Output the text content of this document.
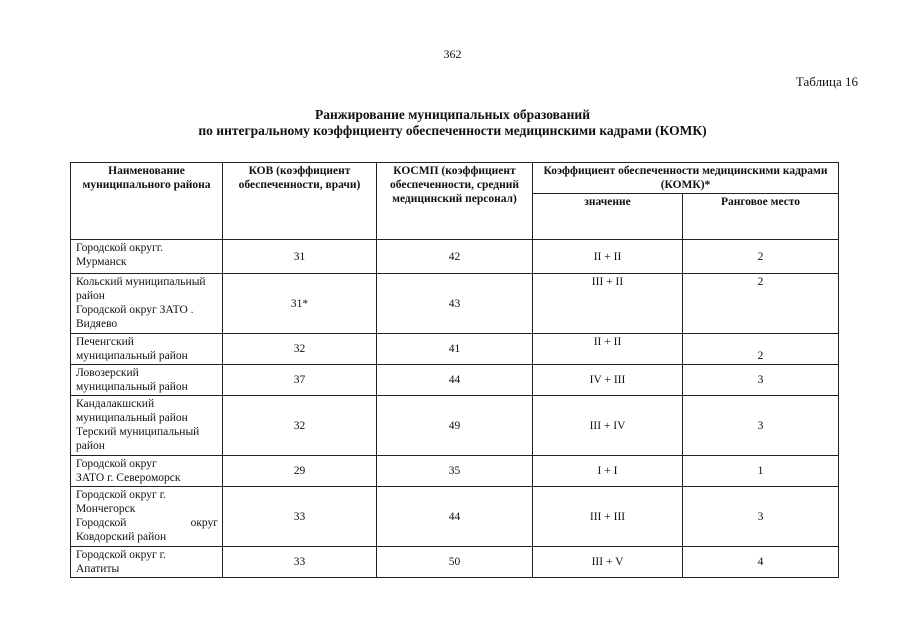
362
Таблица 16
Ранжирование муниципальных образований
по интегральному коэффициенту обеспеченности медицинскими кадрами (КОМК)
Наименование муниципального района	КОВ (коэффициент обеспеченности, врачи)	КОСМП (коэффициент обеспеченности, средний медицинский персонал)	Коэффициент обеспеченности медицинскими кадрами (КОМК)*	
			значение	Ранговое место

Городской округг.
Мурманск	31	42	II + II	2

Кольский муниципальный
район
Городской округ ЗАТО .
Видяево	31*	43	III + II	2

Печенгский
муниципальный район	32	41	II + II	2

Ловозерский
муниципальный район	37	44	IV + III	3

Кандалакшский
муниципальный район
Терский муниципальный
район	32	49	III + IV	3

Городской округ
ЗАТО г. Североморск	29	35	I + I	1

Городской округ г.
Мончегорск
Городской округ
Ковдорский район	33	44	III + III	3

Городской округ г.
Апатиты	33	50	III + V	4
